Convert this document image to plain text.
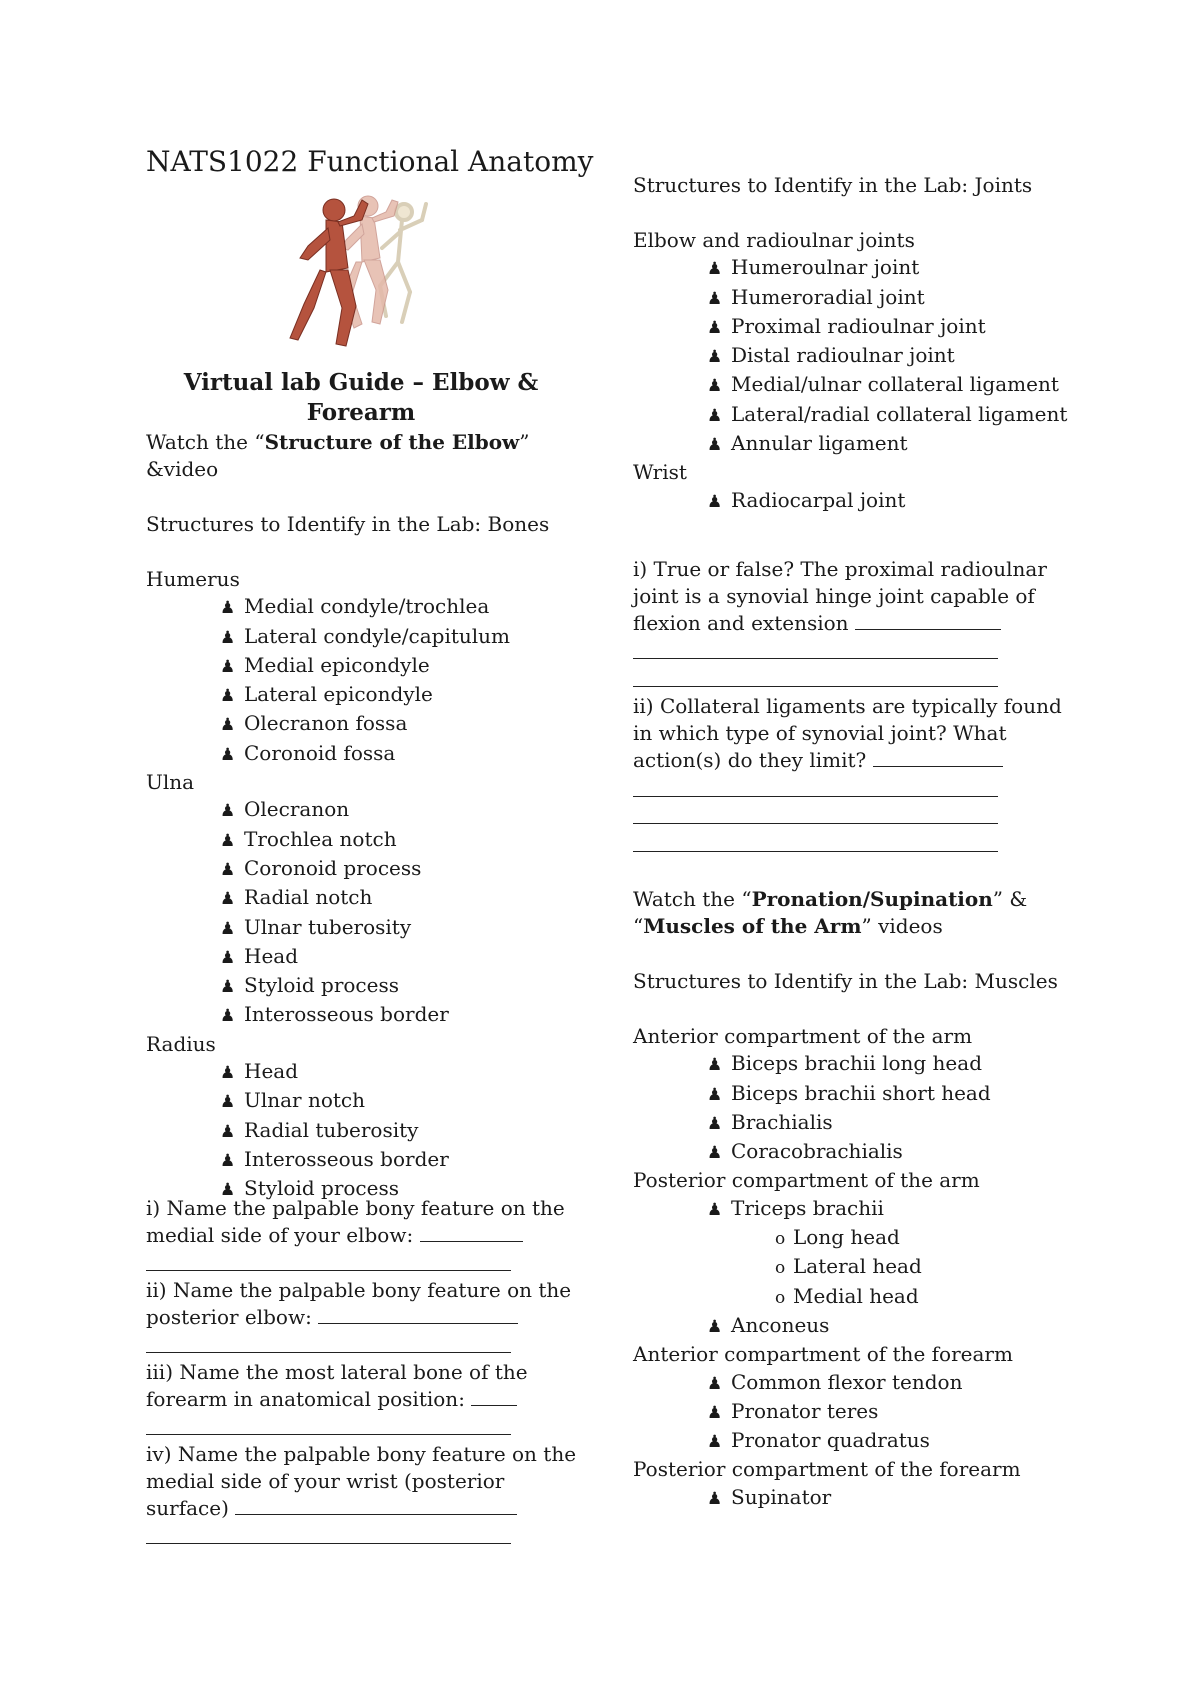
NATS1022 Functional Anatomy
Virtual lab Guide – Elbow & Forearm
Watch the “Structure of the Elbow”
&video
Structures to Identify in the Lab: Bones
Humerus
♟ Medial condyle/trochlea
♟ Lateral condyle/capitulum
♟ Medial epicondyle
♟ Lateral epicondyle
♟ Olecranon fossa
♟ Coronoid fossa
Ulna
♟ Olecranon
♟ Trochlea notch
♟ Coronoid process
♟ Radial notch
♟ Ulnar tuberosity
♟ Head
♟ Styloid process
♟ Interosseous border
Radius
♟ Head
♟ Ulnar notch
♟ Radial tuberosity
♟ Interosseous border
♟ Styloid process
i) Name the palpable bony feature on the
medial side of your elbow:
ii) Name the palpable bony feature on the
posterior elbow:
iii) Name the most lateral bone of the
forearm in anatomical position:
iv) Name the palpable bony feature on the
medial side of your wrist (posterior
surface)
Structures to Identify in the Lab: Joints
Elbow and radioulnar joints
♟ Humeroulnar joint
♟ Humeroradial joint
♟ Proximal radioulnar joint
♟ Distal radioulnar joint
♟ Medial/ulnar collateral ligament
♟ Lateral/radial collateral ligament
♟ Annular ligament
Wrist
♟ Radiocarpal joint
i) True or false? The proximal radioulnar
joint is a synovial hinge joint capable of
flexion and extension
ii) Collateral ligaments are typically found
in which type of synovial joint? What
action(s) do they limit?
Watch the “Pronation/Supination” &
“Muscles of the Arm” videos
Structures to Identify in the Lab: Muscles
Anterior compartment of the arm
♟ Biceps brachii long head
♟ Biceps brachii short head
♟ Brachialis
♟ Coracobrachialis
Posterior compartment of the arm
♟ Triceps brachii
o Long head
o Lateral head
o Medial head
♟ Anconeus
Anterior compartment of the forearm
♟ Common flexor tendon
♟ Pronator teres
♟ Pronator quadratus
Posterior compartment of the forearm
♟ Supinator
